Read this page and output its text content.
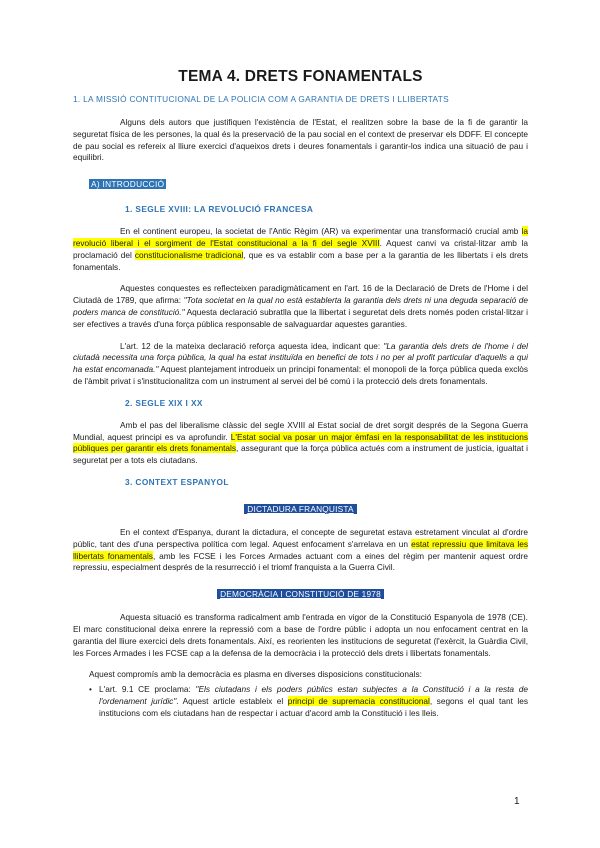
TEMA 4. DRETS FONAMENTALS
1. LA MISSIÓ CONTITUCIONAL DE LA POLICIA COM A GARANTIA DE DRETS I LLIBERTATS

Alguns dels autors que justifiquen l'existència de l'Estat, el realitzen sobre la base de la fi de garantir la seguretat física de les persones, la qual és la preservació de la pau social en el context de preservar els DDFF. El concepte de pau social es refereix al lliure exercici d'aqueixos drets i deures fonamentals i garantir-los indica una situació de pau i equilibri.

A) INTRODUCCIÓ
1. SEGLE XVIII: LA REVOLUCIÓ FRANCESA

En el continent europeu, la societat de l'Antic Règim (AR) va experimentar una transformació crucial amb la revolució liberal i el sorgiment de l'Estat constitucional a la fi del segle XVIII. Aquest canvi va cristal·litzar amb la proclamació del constitucionalisme tradicional, que es va establir com a base per a la garantia de les llibertats i els drets fonamentals.

Aquestes conquestes es reflecteixen paradigmàticament en l'art. 16 de la Declaració de Drets de l'Home i del Ciutadà de 1789, que afirma: "Tota societat en la qual no està establerta la garantia dels drets ni una deguda separació de poders manca de constitució." Aquesta declaració subratlla que la llibertat i seguretat dels drets només poden cristal·litzar i ser efectives a través d'una força pública responsable de salvaguardar aquestes garanties.

L'art. 12 de la mateixa declaració reforça aquesta idea, indicant que: "La garantia dels drets de l'home i del ciutadà necessita una força pública, la qual ha estat instituïda en benefici de tots i no per al profit particular d'aquells a qui ha estat encomanada." Aquest plantejament introdueix un principi fonamental: el monopoli de la força pública queda exclòs de l'àmbit privat i s'institucionalitza com un instrument al servei del bé comú i la protecció dels drets fonamentals.

2. SEGLE XIX I XX

Amb el pas del liberalisme clàssic del segle XVIII al Estat social de dret sorgit després de la Segona Guerra Mundial, aquest principi es va aprofundir. L'Estat social va posar un major èmfasi en la responsabilitat de les institucions públiques per garantir els drets fonamentals, assegurant que la força pública actués com a instrument de justícia, igualtat i seguretat per a tots els ciutadans.

3. CONTEXT ESPANYOL
DICTADURA FRANQUISTA

En el context d'Espanya, durant la dictadura, el concepte de seguretat estava estretament vinculat al d'ordre públic, tant des d'una perspectiva política com legal. Aquest enfocament s'arrelava en un estat repressiu que limitava les llibertats fonamentals, amb les FCSE i les Forces Armades actuant com a eines del règim per mantenir aquest ordre repressiu, especialment després de la resurrecció i el triomf franquista a la Guerra Civil.

DEMOCRÀCIA I CONSTITUCIÓ DE 1978

Aquesta situació es transforma radicalment amb l'entrada en vigor de la Constitució Espanyola de 1978 (CE). El marc constitucional deixa enrere la repressió com a base de l'ordre públic i adopta un nou enfocament centrat en la garantia del lliure exercici dels drets fonamentals. Així, es reorienten les institucions de seguretat (l'exèrcit, la Guàrdia Civil, les Forces Armades i les FCSE cap a la defensa de la democràcia i la protecció dels drets i llibertats fonamentals.

Aquest compromís amb la democràcia es plasma en diverses disposicions constitucionals:
• L'art. 9.1 CE proclama: "Els ciutadans i els poders públics estan subjectes a la Constitució i a la resta de l'ordenament jurídic". Aquest article estableix el principi de supremacia constitucional, segons el qual tant les institucions com els ciutadans han de respectar i actuar d'acord amb la Constitució i les lleis.
1
